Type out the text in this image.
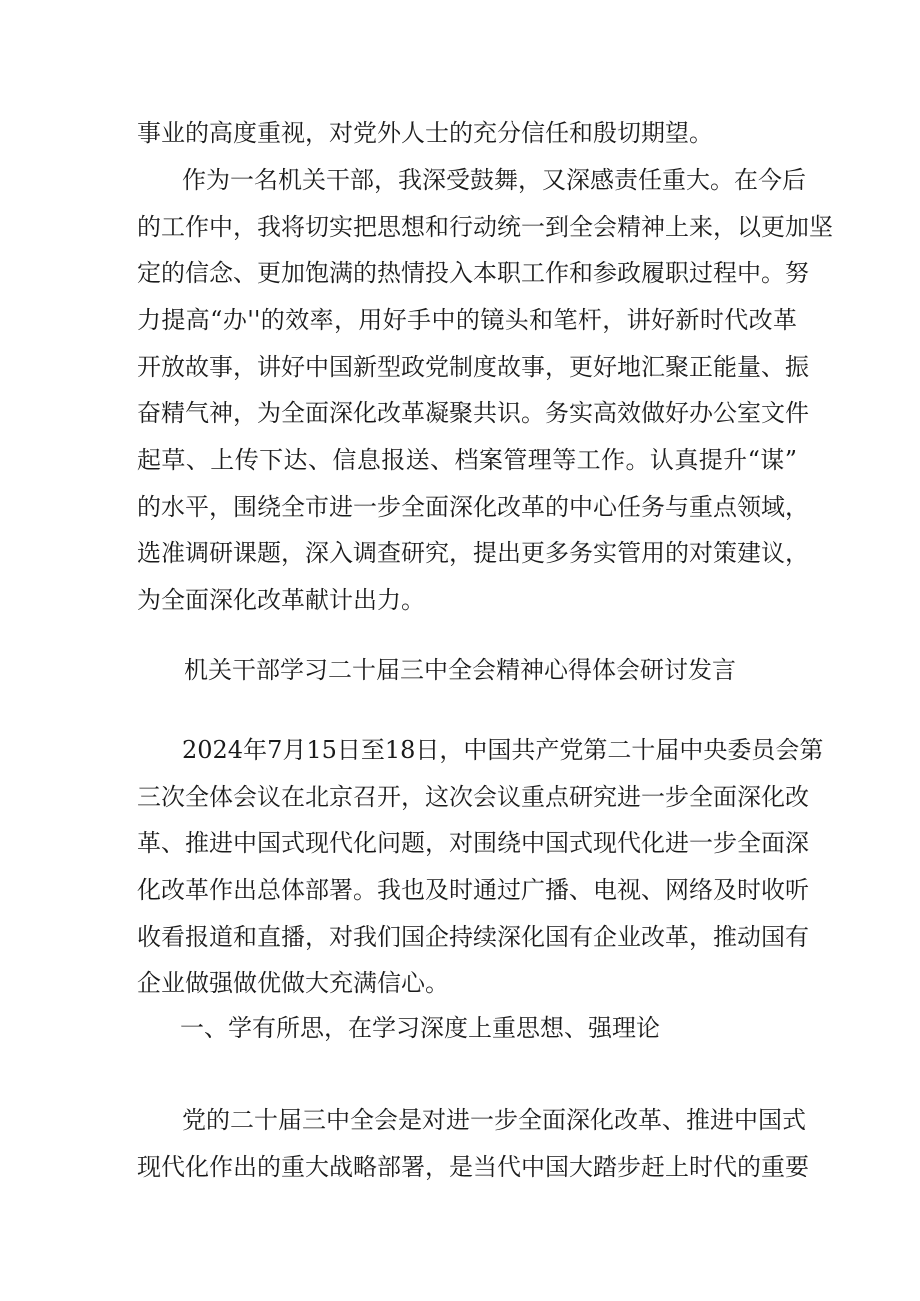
事业的高度重视，对党外人士的充分信任和殷切期望。
作为一名机关干部，我深受鼓舞，又深感责任重大。在今后
的工作中，我将切实把思想和行动统一到全会精神上来，以更加坚
定的信念、更加饱满的热情投入本职工作和参政履职过程中。努
力提高“办''的效率，用好手中的镜头和笔杆，讲好新时代改革
开放故事，讲好中国新型政党制度故事，更好地汇聚正能量、振
奋精气神，为全面深化改革凝聚共识。务实高效做好办公室文件
起草、上传下达、信息报送、档案管理等工作。认真提升“谋”
的水平，围绕全市进一步全面深化改革的中心任务与重点领域，
选准调研课题，深入调查研究，提出更多务实管用的对策建议，
为全面深化改革献计出力。
机关干部学习二十届三中全会精神心得体会研讨发言
2024年7月15日至18日，中国共产党第二十届中央委员会第
三次全体会议在北京召开，这次会议重点研究进一步全面深化改
革、推进中国式现代化问题，对围绕中国式现代化进一步全面深
化改革作出总体部署。我也及时通过广播、电视、网络及时收听
收看报道和直播，对我们国企持续深化国有企业改革，推动国有
企业做强做优做大充满信心。
一、学有所思，在学习深度上重思想、强理论
党的二十届三中全会是对进一步全面深化改革、推进中国式
现代化作出的重大战略部署，是当代中国大踏步赶上时代的重要
